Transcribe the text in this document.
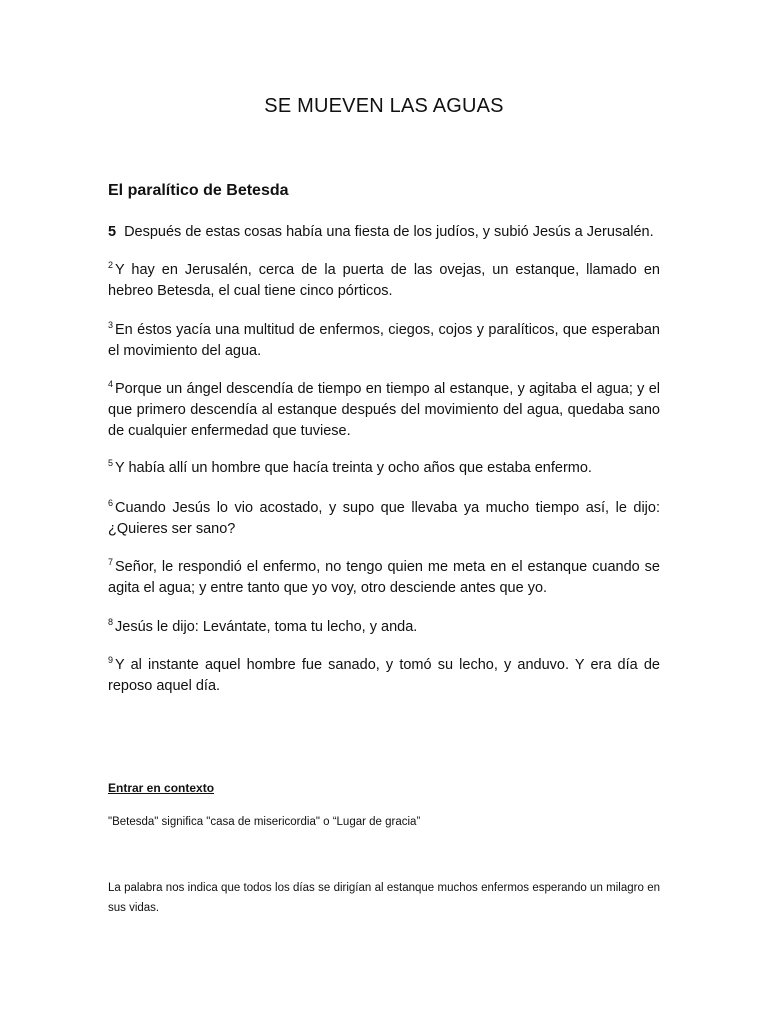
SE MUEVEN LAS AGUAS
El paralítico de Betesda

5 Después de estas cosas había una fiesta de los judíos, y subió Jesús a Jerusalén.

$^2$ Y hay en Jerusalén, cerca de la puerta de las ovejas, un estanque, llamado en hebreo Betesda, el cual tiene cinco pórticos.

$^3$ En éstos yacía una multitud de enfermos, ciegos, cojos y paralíticos, que esperaban el movimiento del agua.

$^4$ Porque un ángel descendía de tiempo en tiempo al estanque, y agitaba el agua; y el que primero descendía al estanque después del movimiento del agua, quedaba sano de cualquier enfermedad que tuviese.

$^5$ Y había allí un hombre que hacía treinta y ocho años que estaba enfermo.

$^6$ Cuando Jesús lo vio acostado, y supo que llevaba ya mucho tiempo así, le dijo: ¿Quieres ser sano?

$^7$ Señor, le respondió el enfermo, no tengo quien me meta en el estanque cuando se agita el agua; y entre tanto que yo voy, otro desciende antes que yo.

$^8$ Jesús le dijo: Levántate, toma tu lecho, y anda.

$^9$ Y al instante aquel hombre fue sanado, y tomó su lecho, y anduvo. Y era día de reposo aquel día.

Entrar en contexto

"Betesda" significa "casa de misericordia" o “Lugar de gracia”

La palabra nos indica que todos los días se dirigían al estanque muchos enfermos esperando un milagro en sus vidas.
